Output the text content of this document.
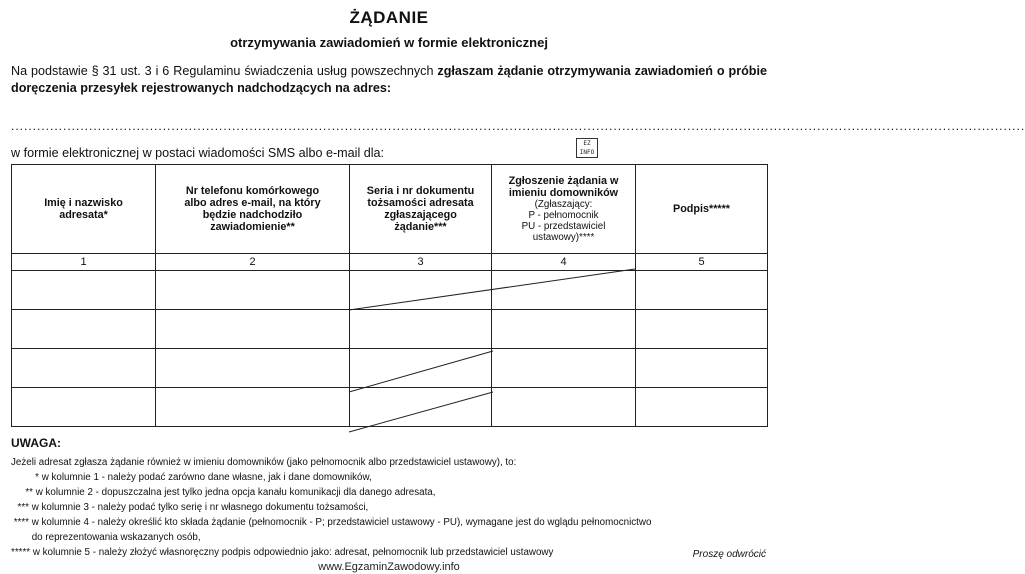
ŻĄDANIE
otrzymywania zawiadomień w formie elektronicznej
Na podstawie § 31 ust. 3 i 6 Regulaminu świadczenia usług powszechnych zgłaszam żądanie otrzymywania zawiadomień o próbie doręczenia przesyłek rejestrowanych nadchodzących na adres:
..........................................................................................................................................................................................................................................
w formie elektronicznej w postaci wiadomości SMS albo e-mail dla:
EZ INFO
Imię i nazwisko adresata*	Nr telefonu komórkowego albo adres e-mail, na który będzie nadchodziło zawiadomienie**	Seria i nr dokumentu tożsamości adresata zgłaszającego żądanie***	Zgłoszenie żądania w imieniu domowników
(Zgłaszający:
P - pełnomocnik
PU - przedstawiciel
ustawowy)****	Podpis*****
1	2	3	4	5

UWAGA:
Jeżeli adresat zgłasza żądanie również w imieniu domowników (jako pełnomocnik albo przedstawiciel ustawowy), to:
* w kolumnie 1 - należy podać zarówno dane własne, jak i dane domowników,
** w kolumnie 2 - dopuszczalna jest tylko jedna opcja kanału komunikacji dla danego adresata,
*** w kolumnie 3 - należy podać tylko serię i nr własnego dokumentu tożsamości,
**** w kolumnie 4 - należy określić kto składa żądanie (pełnomocnik - P; przedstawiciel ustawowy - PU), wymagane jest do wglądu pełnomocnictwo
do reprezentowania wskazanych osób,
***** w kolumnie 5 - należy złożyć własnoręczny podpis odpowiednio jako: adresat, pełnomocnik lub przedstawiciel ustawowy	Proszę odwrócić
www.EgzaminZawodowy.info
